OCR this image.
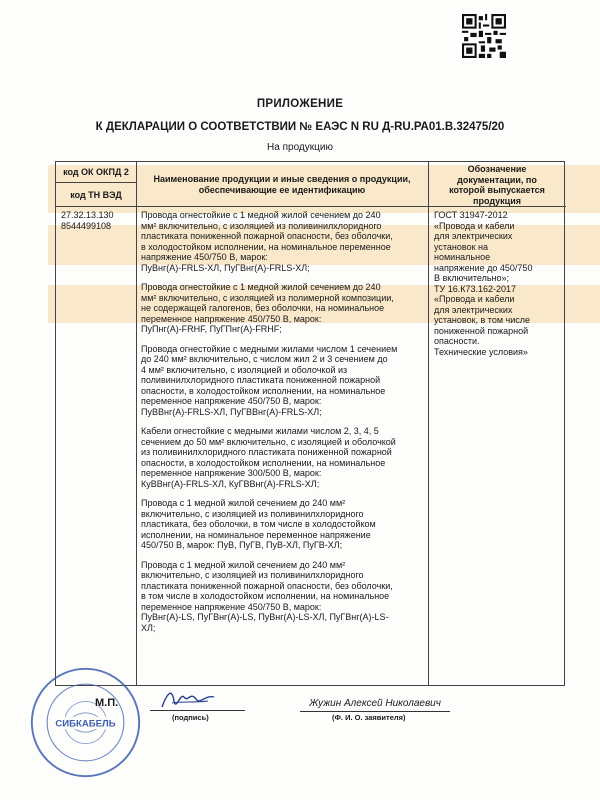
ПРИЛОЖЕНИЕ
К ДЕКЛАРАЦИИ О СООТВЕТСТВИИ № ЕАЭС N RU Д-RU.РА01.В.32475/20
На продукцию
код ОК ОКПД 2
код ТН ВЭД
Наименование продукции и иные сведения о продукции,
обеспечивающие ее идентификацию
Обозначение
документации, по
которой выпускается
продукция
27.32.13.130
8544499108

Провода огнестойкие с 1 медной жилой сечением до 240
мм² включительно, с изоляцией из поливинилхлоридного
пластиката пониженной пожарной опасности, без оболочки,
в холодостойком исполнении, на номинальное переменное
напряжение 450/750 В, марок:
ПуВнг(А)-FRLS-ХЛ, ПуГВнг(А)-FRLS-ХЛ;

Провода огнестойкие с 1 медной жилой сечением до 240
мм² включительно, с изоляцией из полимерной композиции,
не содержащей галогенов, без оболочки, на номинальное
переменное напряжение 450/750 В, марок:
ПуПнг(А)-FRHF, ПуГПнг(А)-FRHF;

Провода огнестойкие с медными жилами числом 1 сечением
до 240 мм² включительно, с числом жил 2 и 3 сечением до
4 мм² включительно, с изоляцией и оболочкой из
поливинилхлоридного пластиката пониженной пожарной
опасности, в холодостойком исполнении, на номинальное
переменное напряжение 450/750 В, марок:
ПуВВнг(А)-FRLS-ХЛ, ПуГВВнг(А)-FRLS-ХЛ;

Кабели огнестойкие с медными жилами числом 2, 3, 4, 5
сечением до 50 мм² включительно, с изоляцией и оболочкой
из поливинилхлоридного пластиката пониженной пожарной
опасности, в холодостойком исполнении, на номинальное
переменное напряжение 300/500 В, марок:
КуВВнг(А)-FRLS-ХЛ, КуГВВнг(А)-FRLS-ХЛ;

Провода с 1 медной жилой сечением до 240 мм²
включительно, с изоляцией из поливинилхлоридного
пластиката, без оболочки, в том числе в холодостойком
исполнении, на номинальное переменное напряжение
450/750 В, марок: ПуВ, ПуГВ, ПуВ-ХЛ, ПуГВ-ХЛ;

Провода с 1 медной жилой сечением до 240 мм²
включительно, с изоляцией из поливинилхлоридного
пластиката пониженной пожарной опасности, без оболочки,
в том числе в холодостойком исполнении, на номинальное
переменное напряжение 450/750 В, марок:
ПуВнг(А)-LS, ПуГВнг(А)-LS, ПуВнг(А)-LS-ХЛ, ПуГВнг(А)-LS-
ХЛ;

ГОСТ 31947-2012
«Провода и кабели
для электрических
установок на
номинальное
напряжение до 450/750
В включительно»;
ТУ 16.К73.162-2017
«Провода и кабели
для электрических
установок, в том числе
пониженной пожарной
опасности.
Технические условия»
СИБКАБЕЛЬ
М.П.
(подпись)
Жужин Алексей Николаевич
(Ф. И. О. заявителя)
